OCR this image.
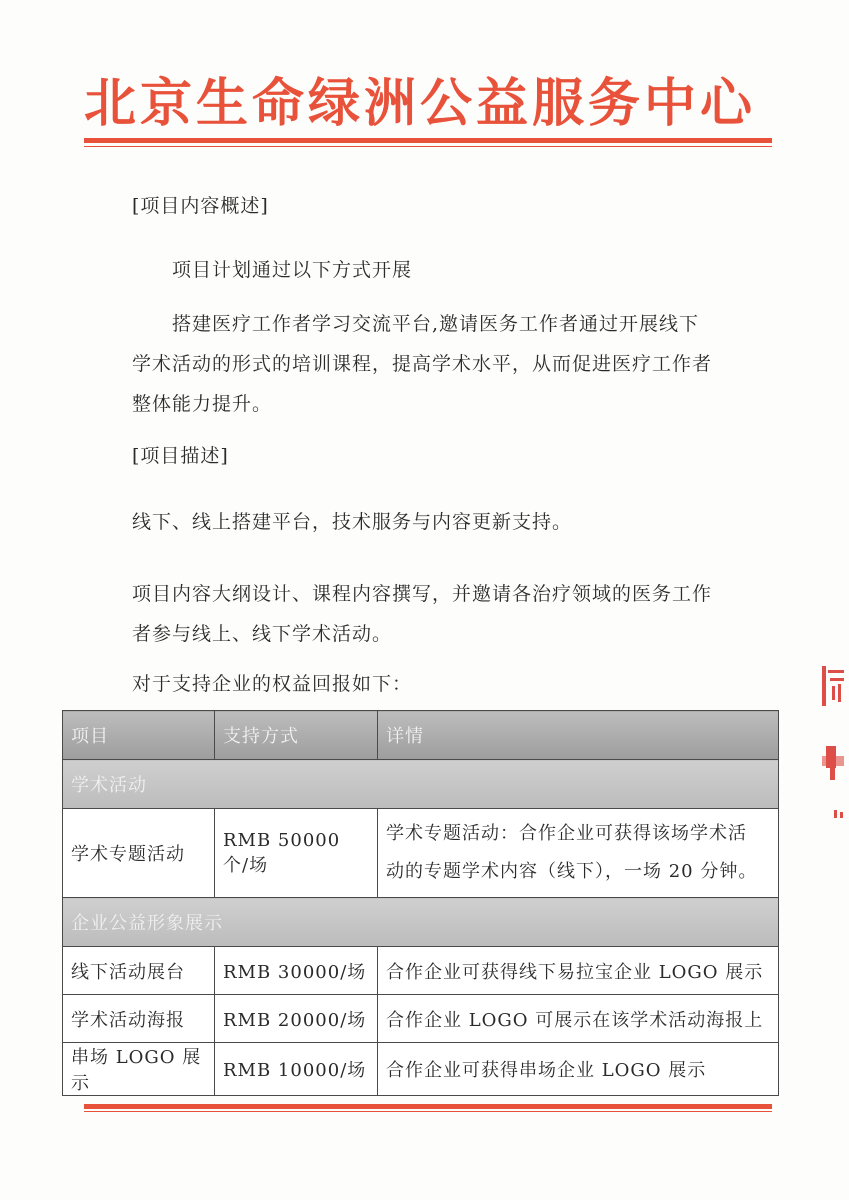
北京生命绿洲公益服务中心
[项目内容概述]
项目计划通过以下方式开展
搭建医疗工作者学习交流平台,邀请医务工作者通过开展线下
学术活动的形式的培训课程，提高学术水平，从而促进医疗工作者
整体能力提升。
[项目描述]
线下、线上搭建平台，技术服务与内容更新支持。
项目内容大纲设计、课程内容撰写，并邀请各治疗领域的医务工作
者参与线上、线下学术活动。
对于支持企业的权益回报如下：
项目	支持方式	详情
学术活动		
学术专题活动	RMB 50000 个/场	学术专题活动：合作企业可获得该场学术活
动的专题学术内容（线下），一场 20 分钟。

企业公益形象展示		
线下活动展台	RMB 30000/场	合作企业可获得线下易拉宝企业 LOGO 展示
学术活动海报	RMB 20000/场	合作企业 LOGO 可展示在该学术活动海报上
串场 LOGO 展示	RMB 10000/场	合作企业可获得串场企业 LOGO 展示
